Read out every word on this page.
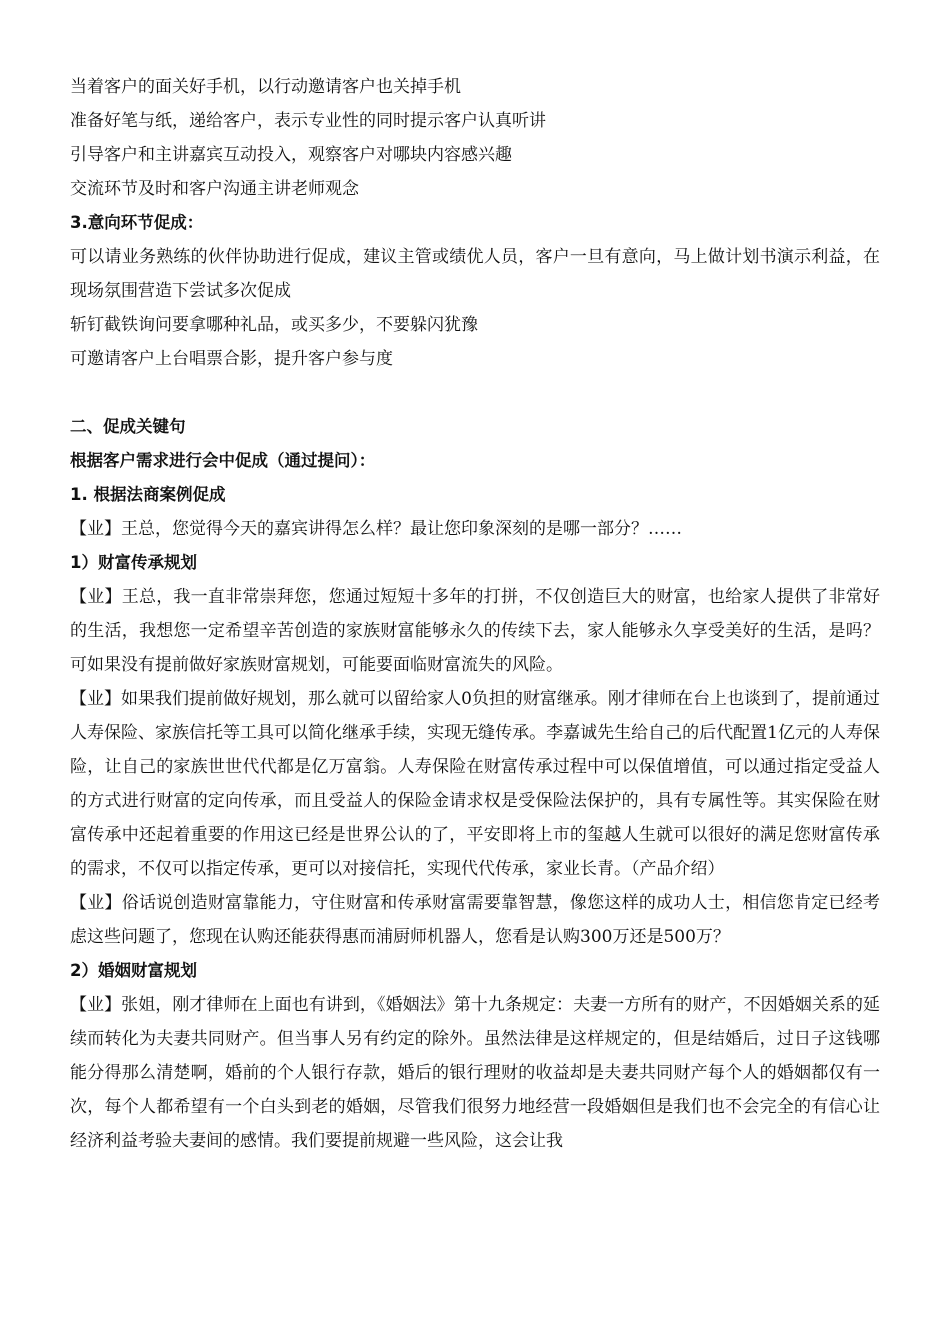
当着客户的面关好手机，以行动邀请客户也关掉手机
准备好笔与纸，递给客户，表示专业性的同时提示客户认真听讲
引导客户和主讲嘉宾互动投入，观察客户对哪块内容感兴趣
交流环节及时和客户沟通主讲老师观念
3.意向环节促成：

可以请业务熟练的伙伴协助进行促成，建议主管或绩优人员，客户一旦有意向，马上做计划书演示利益，在现场氛围营造下尝试多次促成

斩钉截铁询问要拿哪种礼品，或买多少，不要躲闪犹豫
可邀请客户上台唱票合影，提升客户参与度
二、促成关键句
根据客户需求进行会中促成（通过提问）：
1. 根据法商案例促成
【业】王总，您觉得今天的嘉宾讲得怎么样？最让您印象深刻的是哪一部分？……
1）财富传承规划

【业】王总，我一直非常崇拜您，您通过短短十多年的打拼，不仅创造巨大的财富，也给家人提供了非常好的生活，我想您一定希望辛苦创造的家族财富能够永久的传续下去，家人能够永久享受美好的生活，是吗？可如果没有提前做好家族财富规划，可能要面临财富流失的风险。

【业】如果我们提前做好规划，那么就可以留给家人0负担的财富继承。刚才律师在台上也谈到了，提前通过人寿保险、家族信托等工具可以简化继承手续，实现无缝传承。李嘉诚先生给自己的后代配置1亿元的人寿保险，让自己的家族世世代代都是亿万富翁。人寿保险在财富传承过程中可以保值增值，可以通过指定受益人的方式进行财富的定向传承，而且受益人的保险金请求权是受保险法保护的，具有专属性等。其实保险在财富传承中还起着重要的作用这已经是世界公认的了，平安即将上市的玺越人生就可以很好的满足您财富传承的需求，不仅可以指定传承，更可以对接信托，实现代代传承，家业长青。（产品介绍）

【业】俗话说创造财富靠能力，守住财富和传承财富需要靠智慧，像您这样的成功人士，相信您肯定已经考虑这些问题了，您现在认购还能获得惠而浦厨师机器人，您看是认购300万还是500万？

2）婚姻财富规划

【业】张姐，刚才律师在上面也有讲到，《婚姻法》第十九条规定：夫妻一方所有的财产，不因婚姻关系的延续而转化为夫妻共同财产。但当事人另有约定的除外。虽然法律是这样规定的，但是结婚后，过日子这钱哪能分得那么清楚啊，婚前的个人银行存款，婚后的银行理财的收益却是夫妻共同财产每个人的婚姻都仅有一次，每个人都希望有一个白头到老的婚姻，尽管我们很努力地经营一段婚姻但是我们也不会完全的有信心让经济利益考验夫妻间的感情。我们要提前规避一些风险，这会让我
